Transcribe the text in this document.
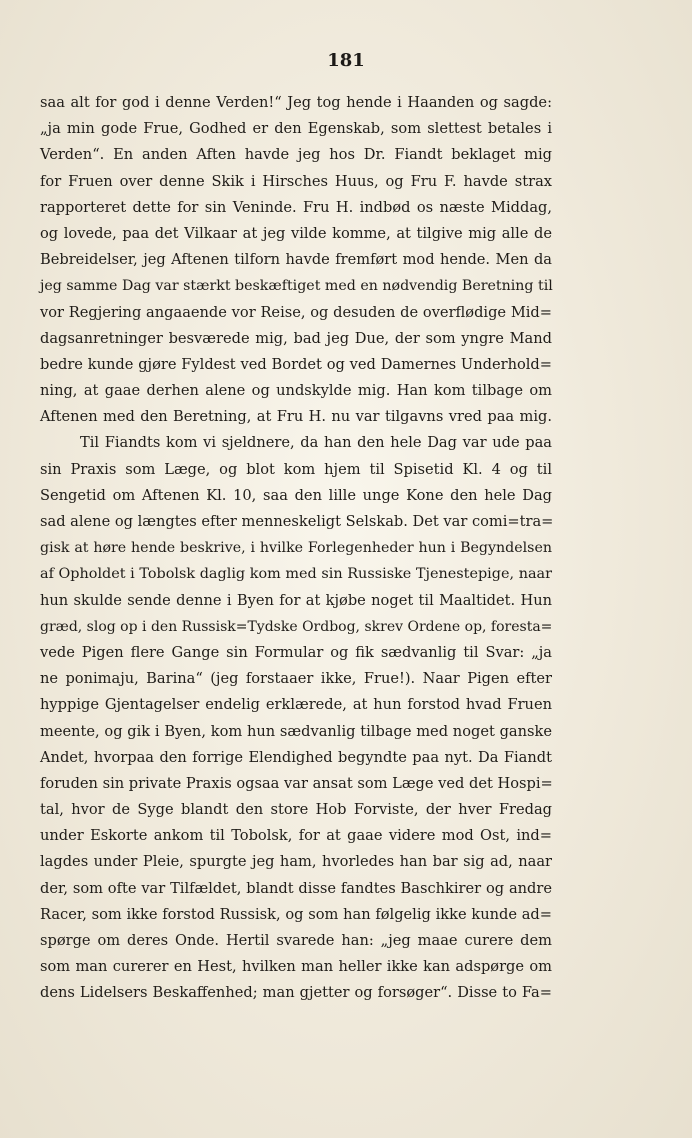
181
saa alt for god i denne Verden!“ Jeg tog hende i Haanden og sagde:
„ja min gode Frue, Godhed er den Egenskab, som slettest betales i
Verden“. En anden Aften havde jeg hos Dr. Fiandt beklaget mig
for Fruen over denne Skik i Hirsches Huus, og Fru F. havde strax
rapporteret dette for sin Veninde. Fru H. indbød os næste Middag,
og lovede, paa det Vilkaar at jeg vilde komme, at tilgive mig alle de
Bebreidelser, jeg Aftenen tilforn havde fremført mod hende. Men da
jeg samme Dag var stærkt beskæftiget med en nødvendig Beretning til
vor Regjering angaaende vor Reise, og desuden de overflødige Mid=
dagsanretninger besværede mig, bad jeg Due, der som yngre Mand
bedre kunde gjøre Fyldest ved Bordet og ved Damernes Underhold=
ning, at gaae derhen alene og undskylde mig. Han kom tilbage om
Aftenen med den Beretning, at Fru H. nu var tilgavns vred paa mig.
Til Fiandts kom vi sjeldnere, da han den hele Dag var ude paa
sin Praxis som Læge, og blot kom hjem til Spisetid Kl. 4 og til
Sengetid om Aftenen Kl. 10, saa den lille unge Kone den hele Dag
sad alene og længtes efter menneskeligt Selskab. Det var comi=tra=
gisk at høre hende beskrive, i hvilke Forlegenheder hun i Begyndelsen
af Opholdet i Tobolsk daglig kom med sin Russiske Tjenestepige, naar
hun skulde sende denne i Byen for at kjøbe noget til Maaltidet. Hun
græd, slog op i den Russisk=Tydske Ordbog, skrev Ordene op, foresta=
vede Pigen flere Gange sin Formular og fik sædvanlig til Svar: „ja
ne ponimaju, Barina“ (jeg forstaaer ikke, Frue!). Naar Pigen efter
hyppige Gjentagelser endelig erklærede, at hun forstod hvad Fruen
meente, og gik i Byen, kom hun sædvanlig tilbage med noget ganske
Andet, hvorpaa den forrige Elendighed begyndte paa nyt. Da Fiandt
foruden sin private Praxis ogsaa var ansat som Læge ved det Hospi=
tal, hvor de Syge blandt den store Hob Forviste, der hver Fredag
under Eskorte ankom til Tobolsk, for at gaae videre mod Ost, ind=
lagdes under Pleie, spurgte jeg ham, hvorledes han bar sig ad, naar
der, som ofte var Tilfældet, blandt disse fandtes Baschkirer og andre
Racer, som ikke forstod Russisk, og som han følgelig ikke kunde ad=
spørge om deres Onde. Hertil svarede han: „jeg maae curere dem
som man curerer en Hest, hvilken man heller ikke kan adspørge om
dens Lidelsers Beskaffenhed; man gjetter og forsøger“. Disse to Fa=
